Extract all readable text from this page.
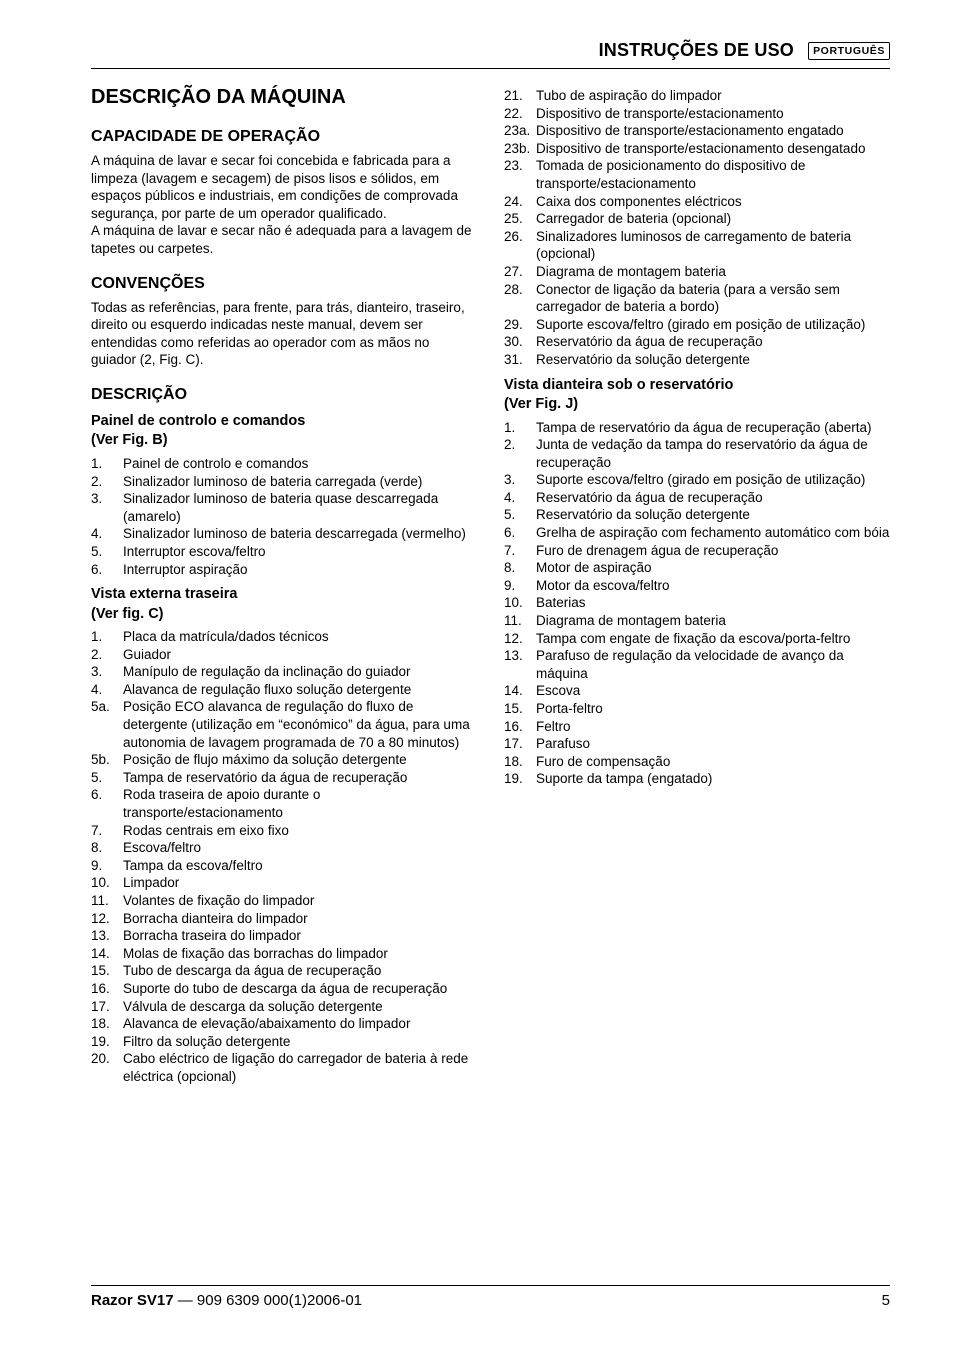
INSTRUÇÕES DE USO	PORTUGUÊS
DESCRIÇÃO DA MÁQUINA
CAPACIDADE DE OPERAÇÃO

A máquina de lavar e secar foi concebida e fabricada para a limpeza (lavagem e secagem) de pisos lisos e sólidos, em espaços públicos e industriais, em condições de comprovada segurança, por parte de um operador qualificado.

A máquina de lavar e secar não é adequada para a lavagem de tapetes ou carpetes.

CONVENÇÕES

Todas as referências, para frente, para trás, dianteiro, traseiro, direito ou esquerdo indicadas neste manual, devem ser entendidas como referidas ao operador com as mãos no guiador (2, Fig. C).

DESCRIÇÃO
Painel de controlo e comandos
(Ver Fig. B)
1.	Painel de controlo e comandos
2.	Sinalizador luminoso de bateria carregada (verde)
3.	Sinalizador luminoso de bateria quase descarregada (amarelo)
4.	Sinalizador luminoso de bateria descarregada (vermelho)
5.	Interruptor escova/feltro
6.	Interruptor aspiração
Vista externa traseira
(Ver fig. C)
1.	Placa da matrícula/dados técnicos
2.	Guiador
3.	Manípulo de regulação da inclinação do guiador
4.	Alavanca de regulação fluxo solução detergente
5a. Posição ECO alavanca de regulação do fluxo de detergente (utilização em “económico” da água, para uma autonomia de lavagem programada de 70 a 80 minutos)
5b. Posição de flujo máximo da solução detergente
5.	Tampa de reservatório da água de recuperação
6.	Roda traseira de apoio durante o transporte/estacionamento
7.	Rodas centrais em eixo fixo
8.	Escova/feltro
9.	Tampa da escova/feltro
10. Limpador
11.	Volantes de fixação do limpador
12. Borracha dianteira do limpador
13. Borracha traseira do limpador
14. Molas de fixação das borrachas do limpador
15. Tubo de descarga da água de recuperação
16. Suporte do tubo de descarga da água de recuperação
17. Válvula de descarga da solução detergente
18. Alavanca de elevação/abaixamento do limpador
19. Filtro da solução detergente
20. Cabo eléctrico de ligação do carregador de bateria à rede eléctrica (opcional)
21. Tubo de aspiração do limpador
22. Dispositivo de transporte/estacionamento
23a. Dispositivo de transporte/estacionamento engatado
23b. Dispositivo de transporte/estacionamento desengatado
23. Tomada de posicionamento do dispositivo de transporte/estacionamento
24. Caixa dos componentes eléctricos
25. Carregador de bateria (opcional)
26. Sinalizadores luminosos de carregamento de bateria (opcional)
27. Diagrama de montagem bateria
28. Conector de ligação da bateria (para a versão sem carregador de bateria a bordo)
29. Suporte escova/feltro (girado em posição de utilização)
30. Reservatório da água de recuperação
31. Reservatório da solução detergente
Vista dianteira sob o reservatório
(Ver Fig. J)
1.	Tampa de reservatório da água de recuperação (aberta)
2.	Junta de vedação da tampa do reservatório da água de recuperação
3.	Suporte escova/feltro (girado em posição de utilização)
4.	Reservatório da água de recuperação
5.	Reservatório da solução detergente
6.	Grelha de aspiração com fechamento automático com bóia
7.	Furo de drenagem água de recuperação
8.	Motor de aspiração
9.	Motor da escova/feltro
10. Baterias
11.	Diagrama de montagem bateria
12. Tampa com engate de fixação da escova/porta-feltro
13. Parafuso de regulação da velocidade de avanço da máquina
14. Escova
15. Porta-feltro
16. Feltro
17. Parafuso
18. Furo de compensação
19. Suporte da tampa (engatado)
Razor SV17 — 909 6309 000(1)2006-01	5
